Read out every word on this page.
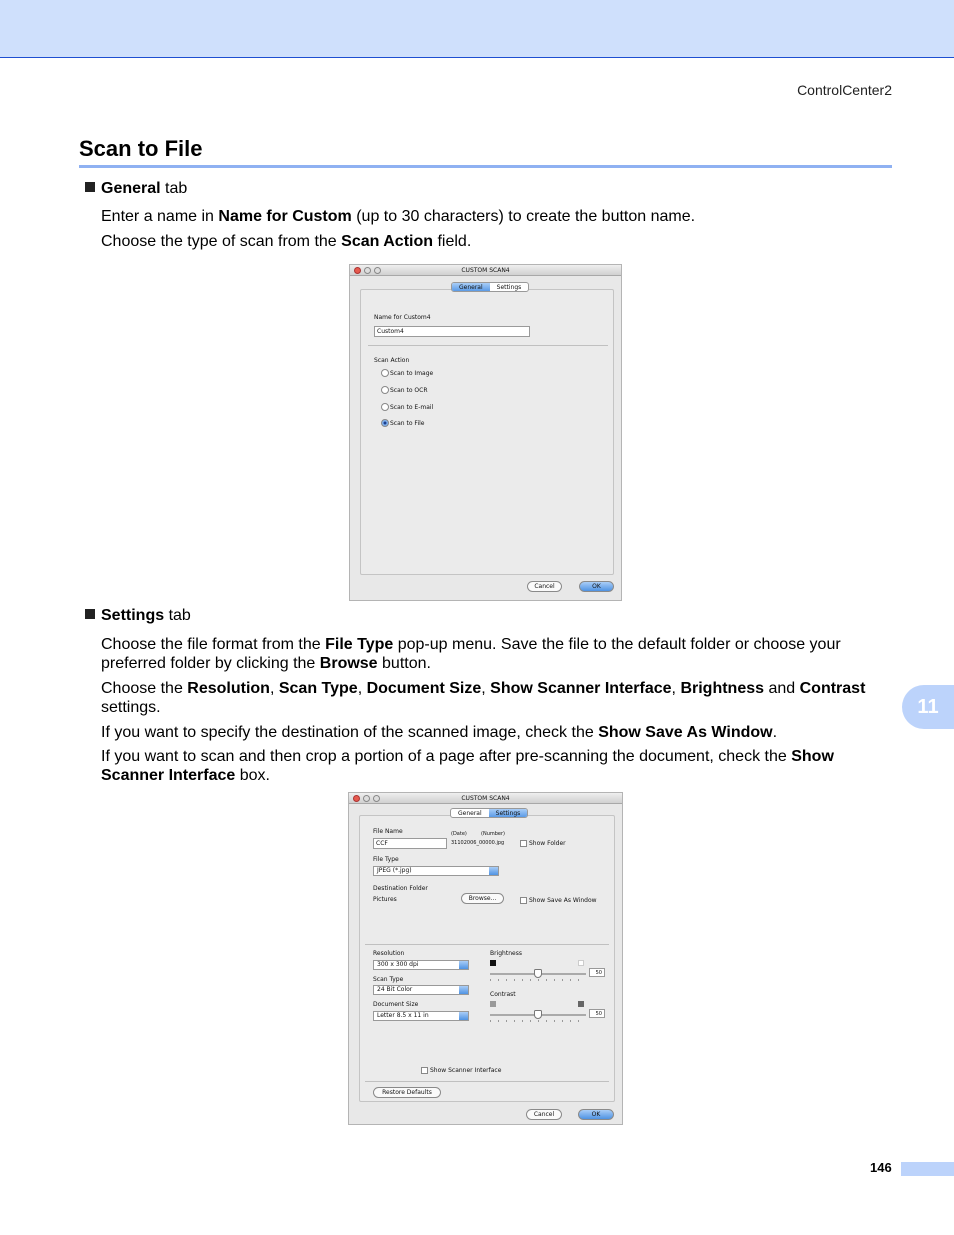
ControlCenter2
Scan to File
General tab
Enter a name in Name for Custom (up to 30 characters) to create the button name.
Choose the type of scan from the Scan Action field.
CUSTOM SCAN4
General	Settings
Name for Custom4
Custom4
Scan Action
Scan to Image
Scan to OCR
Scan to E-mail
Scan to File
Cancel	OK
Settings tab
Choose the file format from the File Type pop-up menu. Save the file to the default folder or choose your preferred folder by clicking the Browse button.
Choose the Resolution, Scan Type, Document Size, Show Scanner Interface, Brightness and Contrast settings.
If you want to specify the destination of the scanned image, check the Show Save As Window.
If you want to scan and then crop a portion of a page after pre-scanning the document, check the Show Scanner Interface box.
11
CUSTOM SCAN4
General	Settings
File Name
CCF
(Date)	(Number)
31102006_00000.jpg	Show Folder
File Type
JPEG (*.jpg)
Destination Folder
Pictures	Browse...	Show Save As Window
Resolution
300 x 300 dpi
Scan Type
24 Bit Color
Document Size
Letter 8.5 x 11 in
Brightness
50
Contrast
50
Show Scanner Interface
Restore Defaults
Cancel	OK
146
